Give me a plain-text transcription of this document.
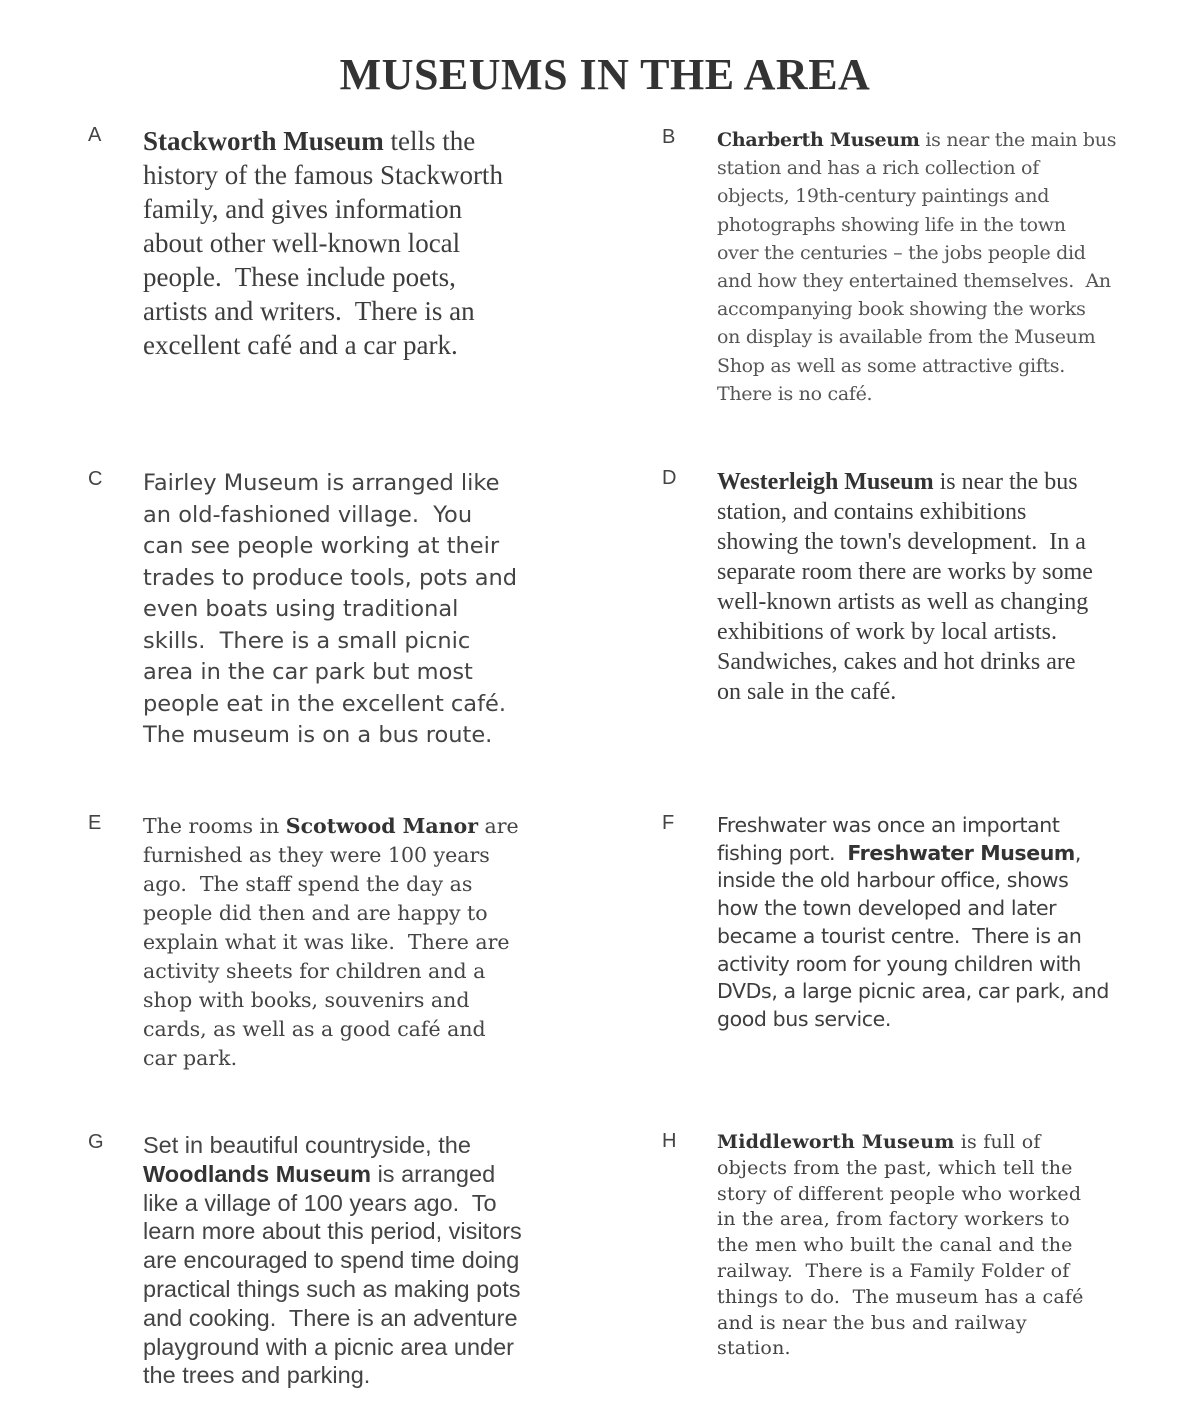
MUSEUMS IN THE AREA
A Stackworth Museum tells the
history of the famous Stackworth
family, and gives information
about other well-known local
people.  These include poets,
artists and writers.  There is an
excellent café and a car park.
B Charberth Museum is near the main bus
station and has a rich collection of
objects, 19th-century paintings and
photographs showing life in the town
over the centuries – the jobs people did
and how they entertained themselves.  An
accompanying book showing the works
on display is available from the Museum
Shop as well as some attractive gifts.
There is no café.
C Fairley Museum is arranged like
an old-fashioned village.  You
can see people working at their
trades to produce tools, pots and
even boats using traditional
skills.  There is a small picnic
area in the car park but most
people eat in the excellent café.
The museum is on a bus route.
D Westerleigh Museum is near the bus
station, and contains exhibitions
showing the town's development.  In a
separate room there are works by some
well-known artists as well as changing
exhibitions of work by local artists.
Sandwiches, cakes and hot drinks are
on sale in the café.
E The rooms in Scotwood Manor are
furnished as they were 100 years
ago.  The staff spend the day as
people did then and are happy to
explain what it was like.  There are
activity sheets for children and a
shop with books, souvenirs and
cards, as well as a good café and
car park.
F Freshwater was once an important
fishing port.  Freshwater Museum,
inside the old harbour office, shows
how the town developed and later
became a tourist centre.  There is an
activity room for young children with
DVDs, a large picnic area, car park, and
good bus service.
G Set in beautiful countryside, the
Woodlands Museum is arranged
like a village of 100 years ago.  To
learn more about this period, visitors
are encouraged to spend time doing
practical things such as making pots
and cooking.  There is an adventure
playground with a picnic area under
the trees and parking.
H Middleworth Museum is full of
objects from the past, which tell the
story of different people who worked
in the area, from factory workers to
the men who built the canal and the
railway.  There is a Family Folder of
things to do.  The museum has a café
and is near the bus and railway
station.
